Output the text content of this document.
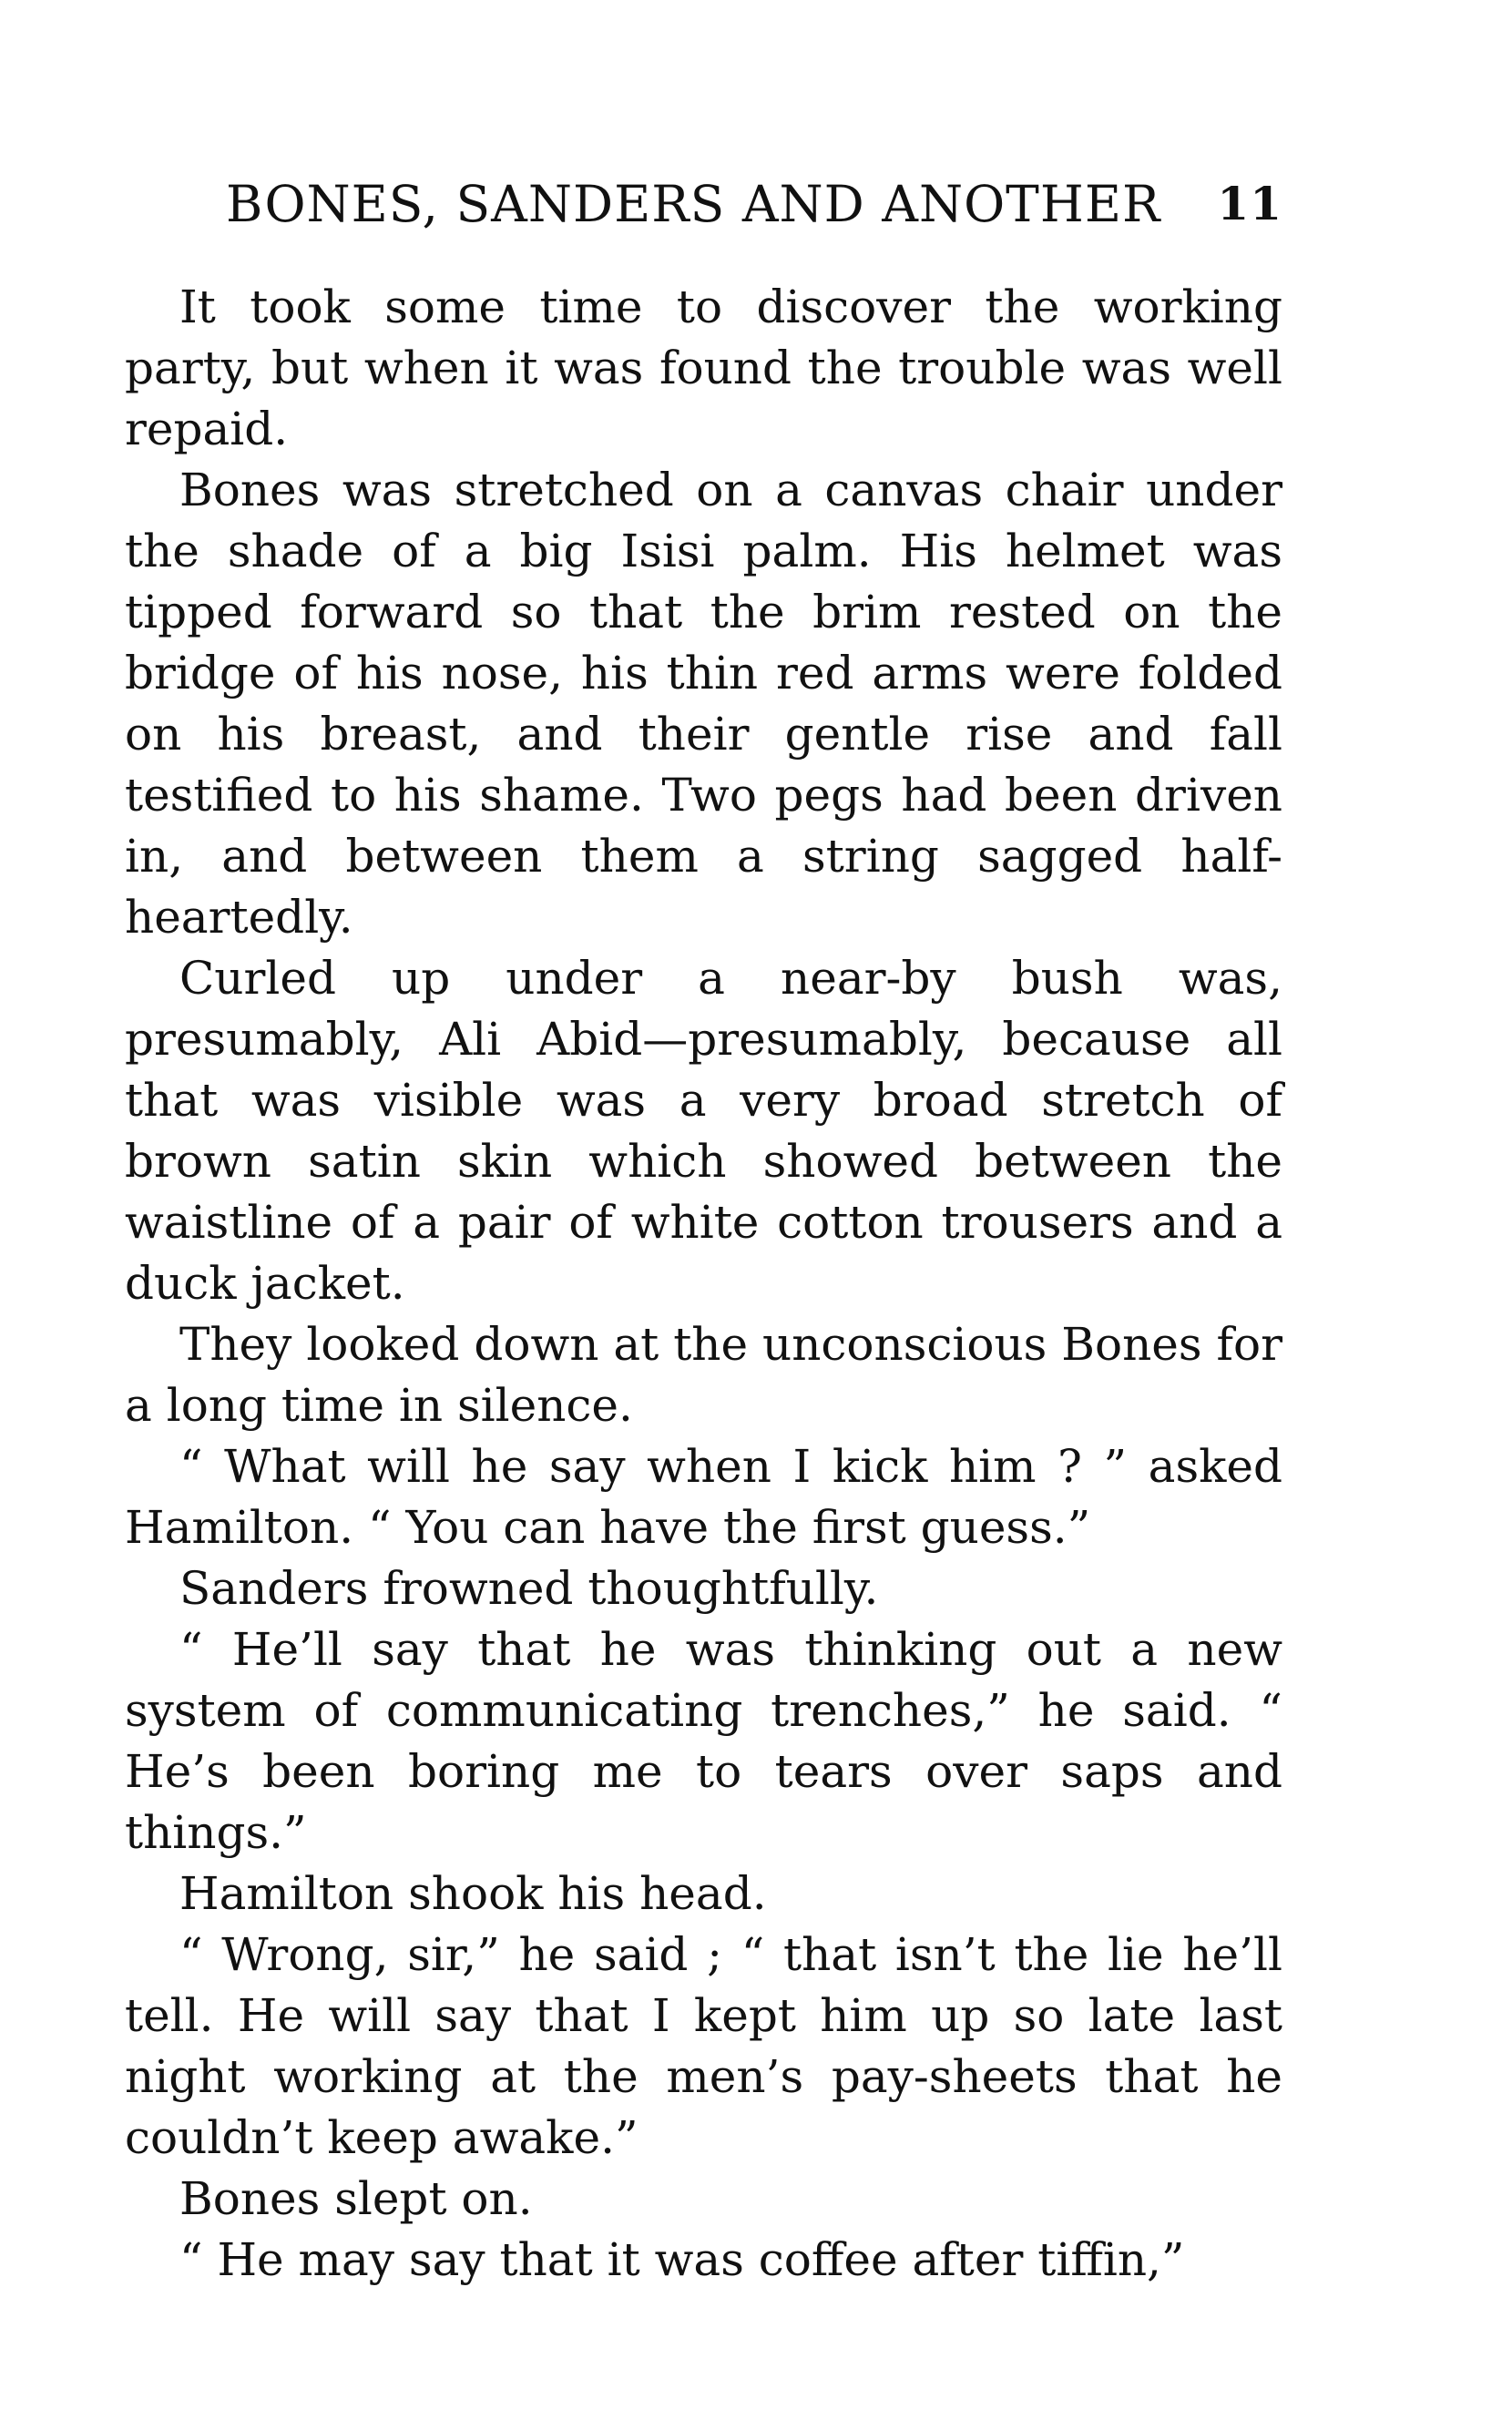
BONES, SANDERS AND ANOTHER 11

It took some time to discover the working party, but when it was found the trouble was well repaid.

Bones was stretched on a canvas chair under the shade of a big Isisi palm. His helmet was tipped forward so that the brim rested on the bridge of his nose, his thin red arms were folded on his breast, and their gentle rise and fall testified to his shame. Two pegs had been driven in, and between them a string sagged half-heartedly.

Curled up under a near-by bush was, presumably, Ali Abid—presumably, because all that was visible was a very broad stretch of brown satin skin which showed between the waistline of a pair of white cotton trousers and a duck jacket.

They looked down at the unconscious Bones for a long time in silence.

“ What will he say when I kick him ? ” asked Hamilton. “ You can have the first guess.”

Sanders frowned thoughtfully.

“ He’ll say that he was thinking out a new system of communicating trenches,” he said. “ He’s been boring me to tears over saps and things.”

Hamilton shook his head.

“ Wrong, sir,” he said ; “ that isn’t the lie he’ll tell. He will say that I kept him up so late last night working at the men’s pay-sheets that he couldn’t keep awake.”

Bones slept on.

“ He may say that it was coffee after tiffin,”
